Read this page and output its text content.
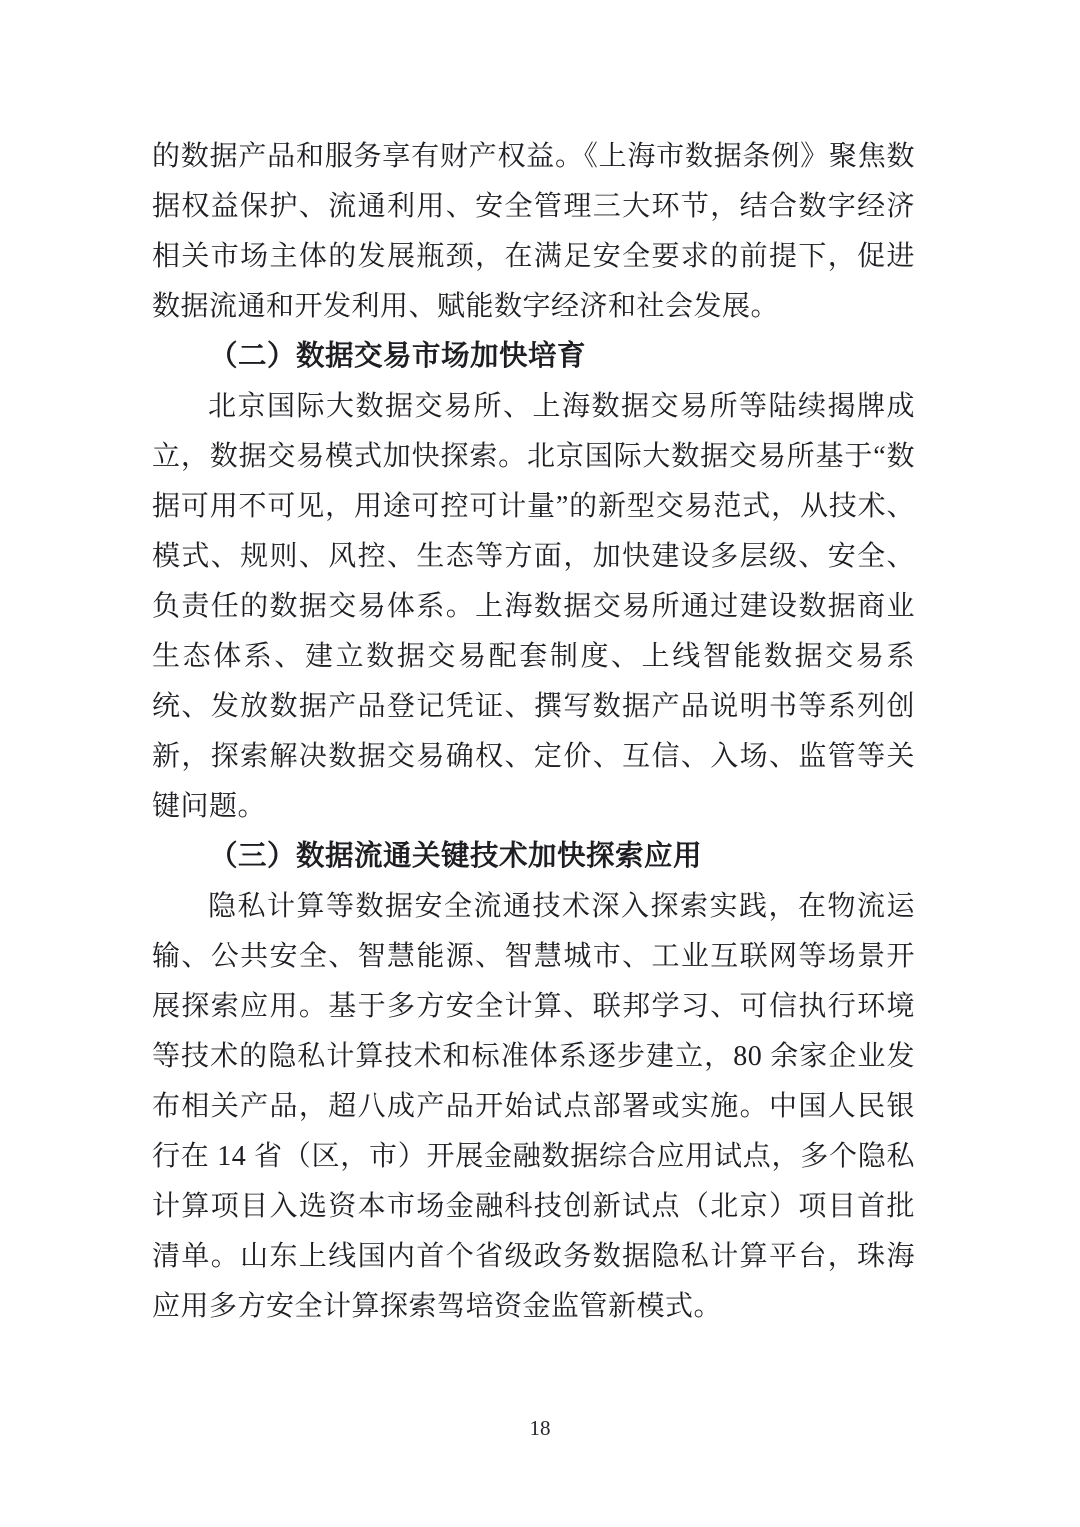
的数据产品和服务享有财产权益。《上海市数据条例》聚焦数据权益保护、流通利用、安全管理三大环节，结合数字经济相关市场主体的发展瓶颈，在满足安全要求的前提下，促进数据流通和开发利用、赋能数字经济和社会发展。

（二）数据交易市场加快培育

北京国际大数据交易所、上海数据交易所等陆续揭牌成立，数据交易模式加快探索。北京国际大数据交易所基于“数据可用不可见，用途可控可计量”的新型交易范式，从技术、模式、规则、风控、生态等方面，加快建设多层级、安全、负责任的数据交易体系。上海数据交易所通过建设数据商业生态体系、建立数据交易配套制度、上线智能数据交易系统、发放数据产品登记凭证、撰写数据产品说明书等系列创新，探索解决数据交易确权、定价、互信、入场、监管等关键问题。

（三）数据流通关键技术加快探索应用

隐私计算等数据安全流通技术深入探索实践，在物流运输、公共安全、智慧能源、智慧城市、工业互联网等场景开展探索应用。基于多方安全计算、联邦学习、可信执行环境等技术的隐私计算技术和标准体系逐步建立，80 余家企业发布相关产品，超八成产品开始试点部署或实施。中国人民银行在 14 省（区，市）开展金融数据综合应用试点，多个隐私计算项目入选资本市场金融科技创新试点（北京）项目首批清单。山东上线国内首个省级政务数据隐私计算平台，珠海应用多方安全计算探索驾培资金监管新模式。

18
